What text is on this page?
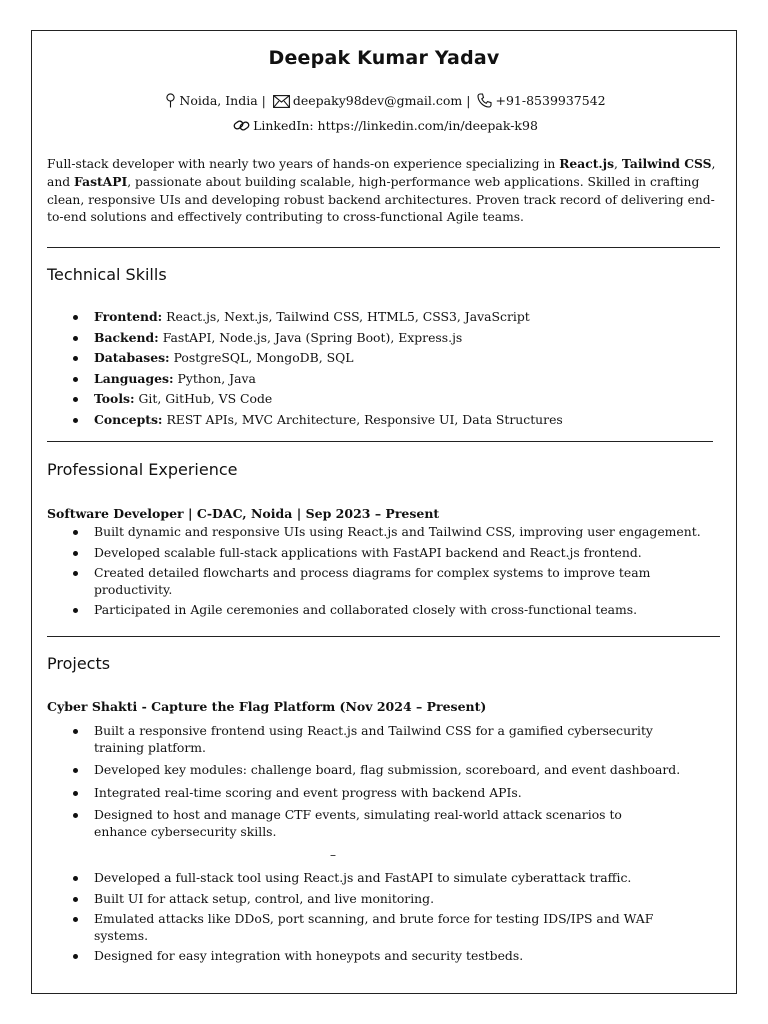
Deepak Kumar Yadav
Noida, India | deepaky98dev@gmail.com | +91-8539937542
LinkedIn: https://linkedin.com/in/deepak-k98
Full-stack developer with nearly two years of hands-on experience specializing in React.js, Tailwind CSS, and FastAPI, passionate about building scalable, high-performance web applications. Skilled in crafting clean, responsive UIs and developing robust backend architectures. Proven track record of delivering end-to-end solutions and effectively contributing to cross-functional Agile teams.
Technical Skills
Frontend: React.js, Next.js, Tailwind CSS, HTML5, CSS3, JavaScript
Backend: FastAPI, Node.js, Java (Spring Boot), Express.js
Databases: PostgreSQL, MongoDB, SQL
Languages: Python, Java
Tools: Git, GitHub, VS Code
Concepts: REST APIs, MVC Architecture, Responsive UI, Data Structures
Professional Experience
Software Developer | C-DAC, Noida | Sep 2023 – Present
Built dynamic and responsive UIs using React.js and Tailwind CSS, improving user engagement.
Developed scalable full-stack applications with FastAPI backend and React.js frontend.
Created detailed flowcharts and process diagrams for complex systems to improve team productivity.
Participated in Agile ceremonies and collaborated closely with cross-functional teams.
Projects
Cyber Shakti - Capture the Flag Platform (Nov 2024 – Present)
Built a responsive frontend using React.js and Tailwind CSS for a gamified cybersecurity training platform.
Developed key modules: challenge board, flag submission, scoreboard, and event dashboard.
Integrated real-time scoring and event progress with backend APIs.
Designed to host and manage CTF events, simulating real-world attack scenarios to enhance cybersecurity skills.
–
Developed a full-stack tool using React.js and FastAPI to simulate cyberattack traffic.
Built UI for attack setup, control, and live monitoring.
Emulated attacks like DDoS, port scanning, and brute force for testing IDS/IPS and WAF systems.
Designed for easy integration with honeypots and security testbeds.
